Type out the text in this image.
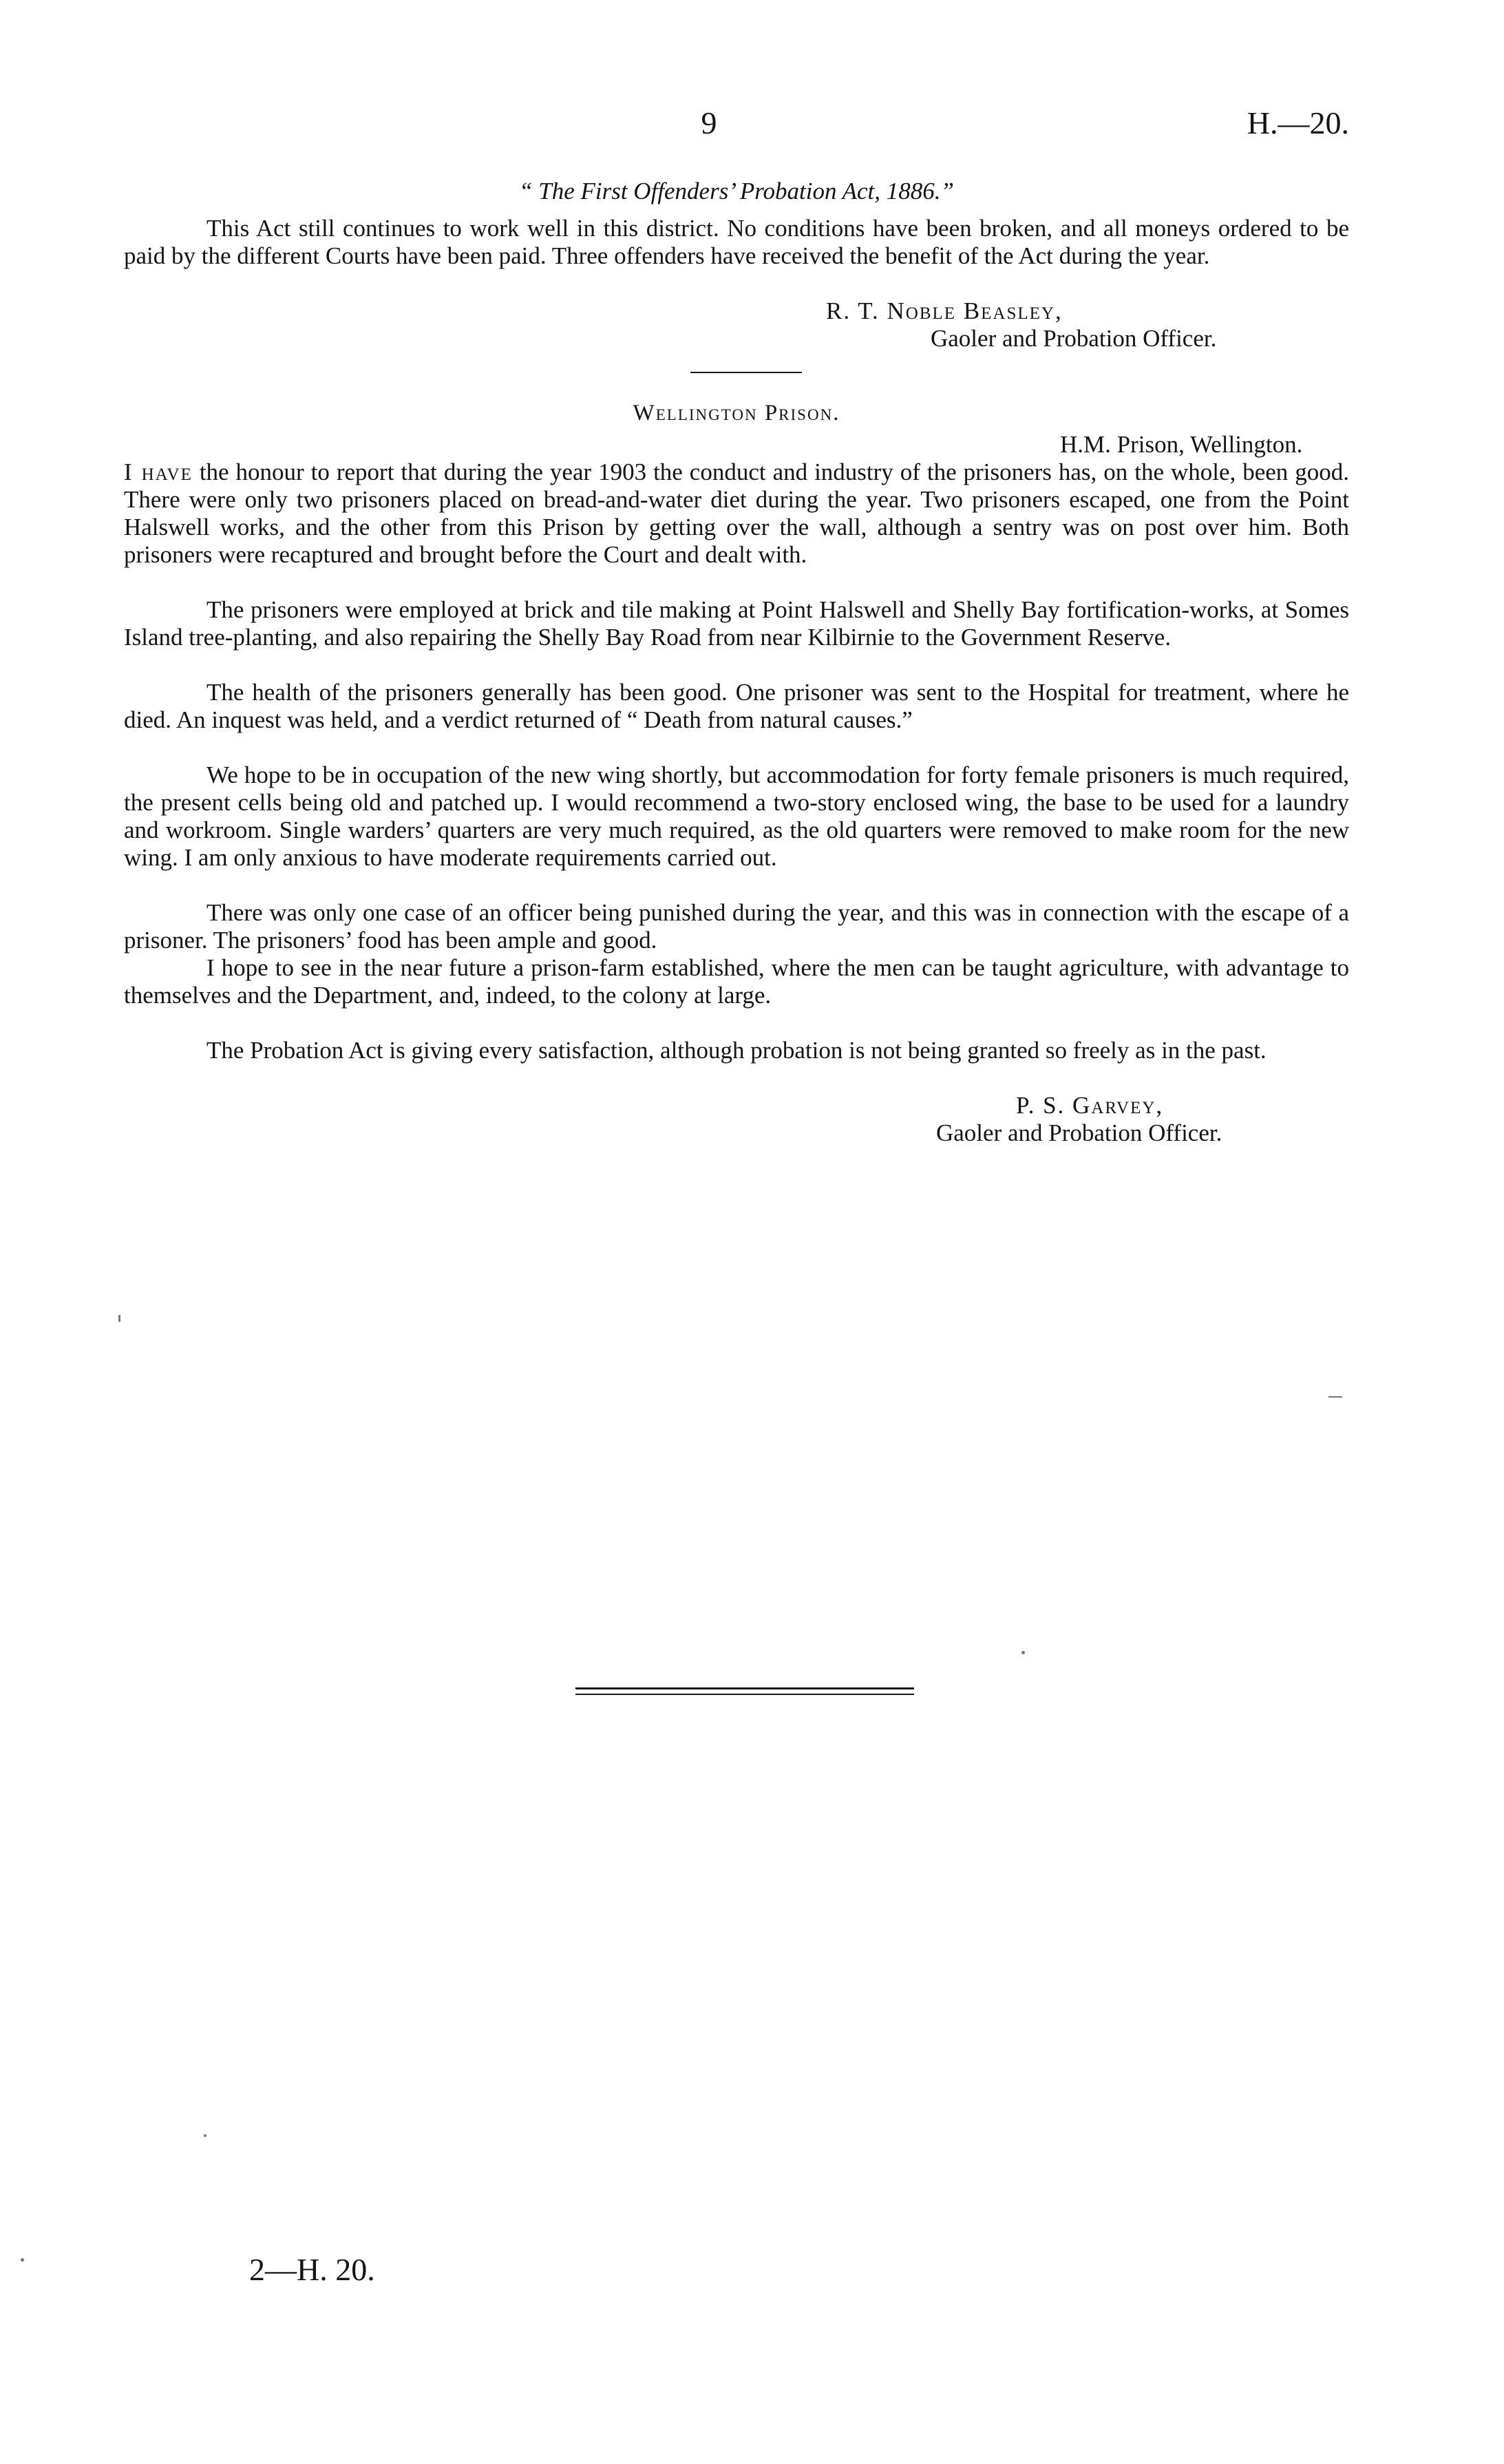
9	H.—20.
“ The First Offenders’ Probation Act, 1886.”

This Act still continues to work well in this district. No conditions have been broken, and all moneys ordered to be paid by the different Courts have been paid. Three offenders have received the benefit of the Act during the year.

R. T. Noble Beasley,
Gaoler and Probation Officer.
Wellington Prison.
H.M. Prison, Wellington.

I have the honour to report that during the year 1903 the conduct and industry of the prisoners has, on the whole, been good. There were only two prisoners placed on bread-and-water diet during the year. Two prisoners escaped, one from the Point Halswell works, and the other from this Prison by getting over the wall, although a sentry was on post over him. Both prisoners were recaptured and brought before the Court and dealt with.

The prisoners were employed at brick and tile making at Point Halswell and Shelly Bay fortification-works, at Somes Island tree-planting, and also repairing the Shelly Bay Road from near Kilbirnie to the Government Reserve.

The health of the prisoners generally has been good. One prisoner was sent to the Hospital for treatment, where he died. An inquest was held, and a verdict returned of “ Death from natural causes.”

We hope to be in occupation of the new wing shortly, but accommodation for forty female prisoners is much required, the present cells being old and patched up. I would recommend a two-story enclosed wing, the base to be used for a laundry and workroom. Single warders’ quarters are very much required, as the old quarters were removed to make room for the new wing. I am only anxious to have moderate requirements carried out.

There was only one case of an officer being punished during the year, and this was in connection with the escape of a prisoner. The prisoners’ food has been ample and good.

I hope to see in the near future a prison-farm established, where the men can be taught agriculture, with advantage to themselves and the Department, and, indeed, to the colony at large.

The Probation Act is giving every satisfaction, although probation is not being granted so freely as in the past.

P. S. Garvey,
Gaoler and Probation Officer.
2—H. 20.
